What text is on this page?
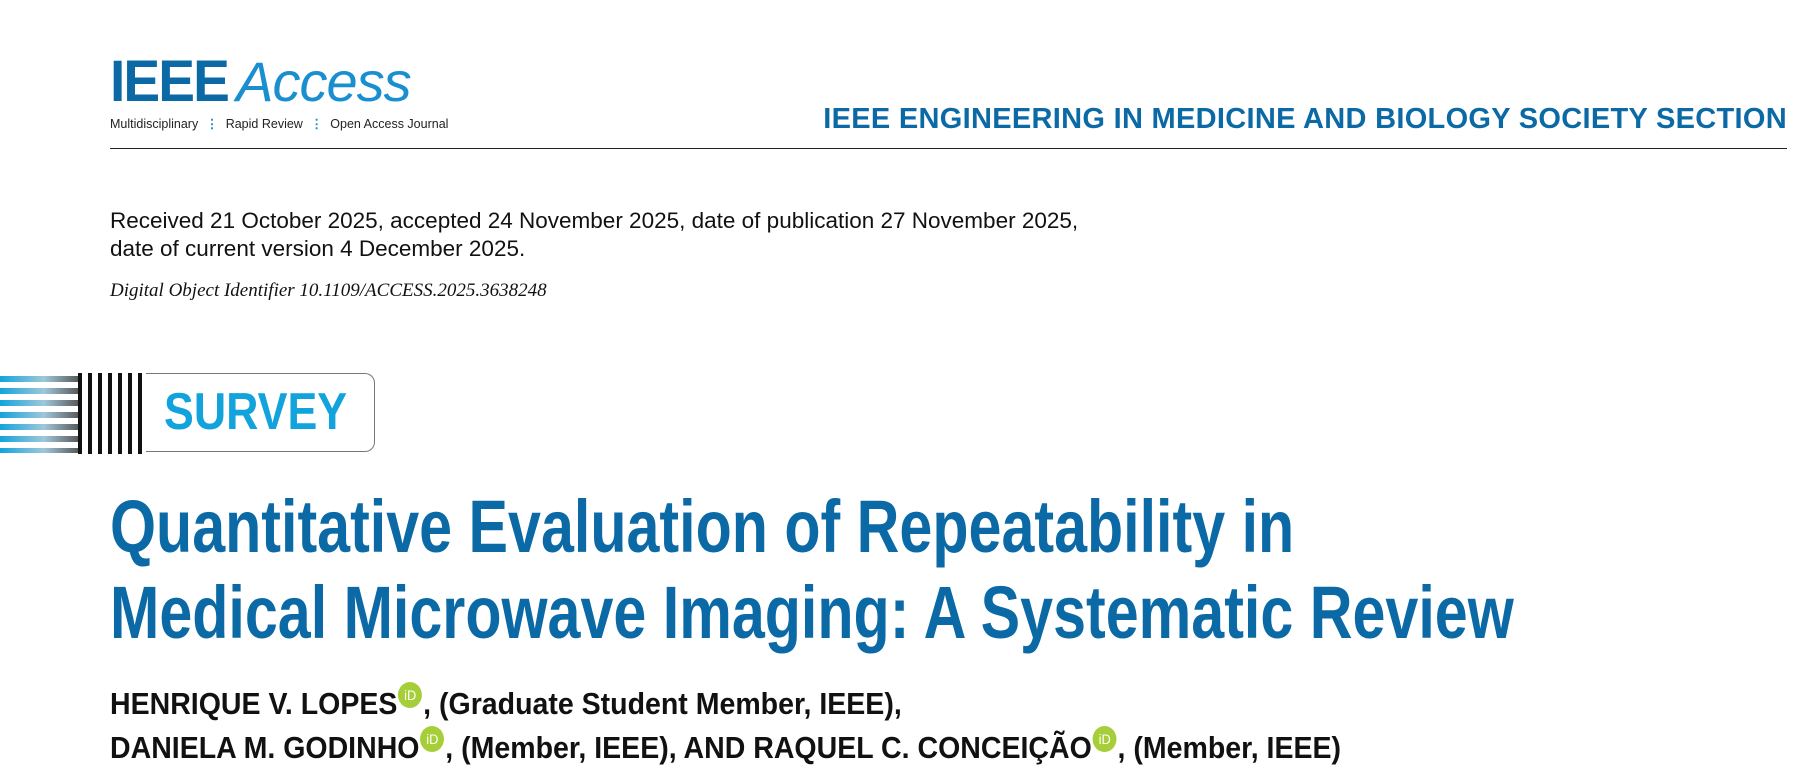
IEEE Access
Multidisciplinary ⋮ Rapid Review ⋮ Open Access Journal	IEEE ENGINEERING IN MEDICINE AND BIOLOGY SOCIETY SECTION
Received 21 October 2025, accepted 24 November 2025, date of publication 27 November 2025,
date of current version 4 December 2025.
Digital Object Identifier 10.1109/ACCESS.2025.3638248
SURVEY
Quantitative Evaluation of Repeatability in
Medical Microwave Imaging: A Systematic Review
HENRIQUE V. LOPES iD , (Graduate Student Member, IEEE),
DANIELA M. GODINHO iD , (Member, IEEE), AND RAQUEL C. CONCEIÇÃO iD , (Member, IEEE)
